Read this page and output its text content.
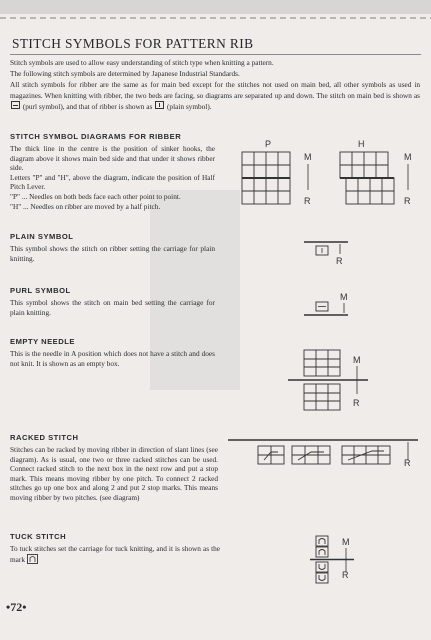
STITCH SYMBOLS FOR PATTERN RIB
Stitch symbols are used to allow easy understanding of stitch type when knitting a pattern.
The following stitch symbols are determined by Japanese Industrial Standards.
All stitch symbols for ribber are the same as for main bed except for the stitches not used on main bed, all other symbols as used in magazines. When knitting with ribber, the two beds are facing, so diagrams are separated up and down. The stitch on main bed is shown as  (purl symbol), and that of ribber is shown as (plain symbol).
STITCH SYMBOL DIAGRAMS FOR RIBBER
The thick line in the centre is the position of sinker hooks, the diagram above it shows main bed side and that under it shows ribber side.
Letters "P" and "H", above the diagram, indicate the position of Half Pitch Lever.
"P" ... Needles on both beds face each other point to point.
"H" ... Needles on ribber are moved by a half pitch.
P	H
M
R
M
R
PLAIN SYMBOL
This symbol shows the stitch on ribber setting the carriage for plain knitting.	R
PURL SYMBOL
This symbol shows the stitch on main bed setting the carriage for plain knitting.
M
EMPTY NEEDLE
This is the needle in A position which does not have a stitch and does not knit. It is shown as an empty box.	M
R
RACKED STITCH
Stitches can be racked by moving ribber in direction of slant lines (see diagram). As is usual, one two or three racked stitches can be used. Connect racked stitch to the next box in the next row and put a stop mark. This means moving ribber by one pitch. To connect 2 racked stitches go up one box and along 2 and put 2 stop marks. This means moving ribber by two pitches. (see diagram)
R
TUCK STITCH
To tuck stitches set the carriage for tuck knitting, and it is shown as the mark
M
R
•72•
